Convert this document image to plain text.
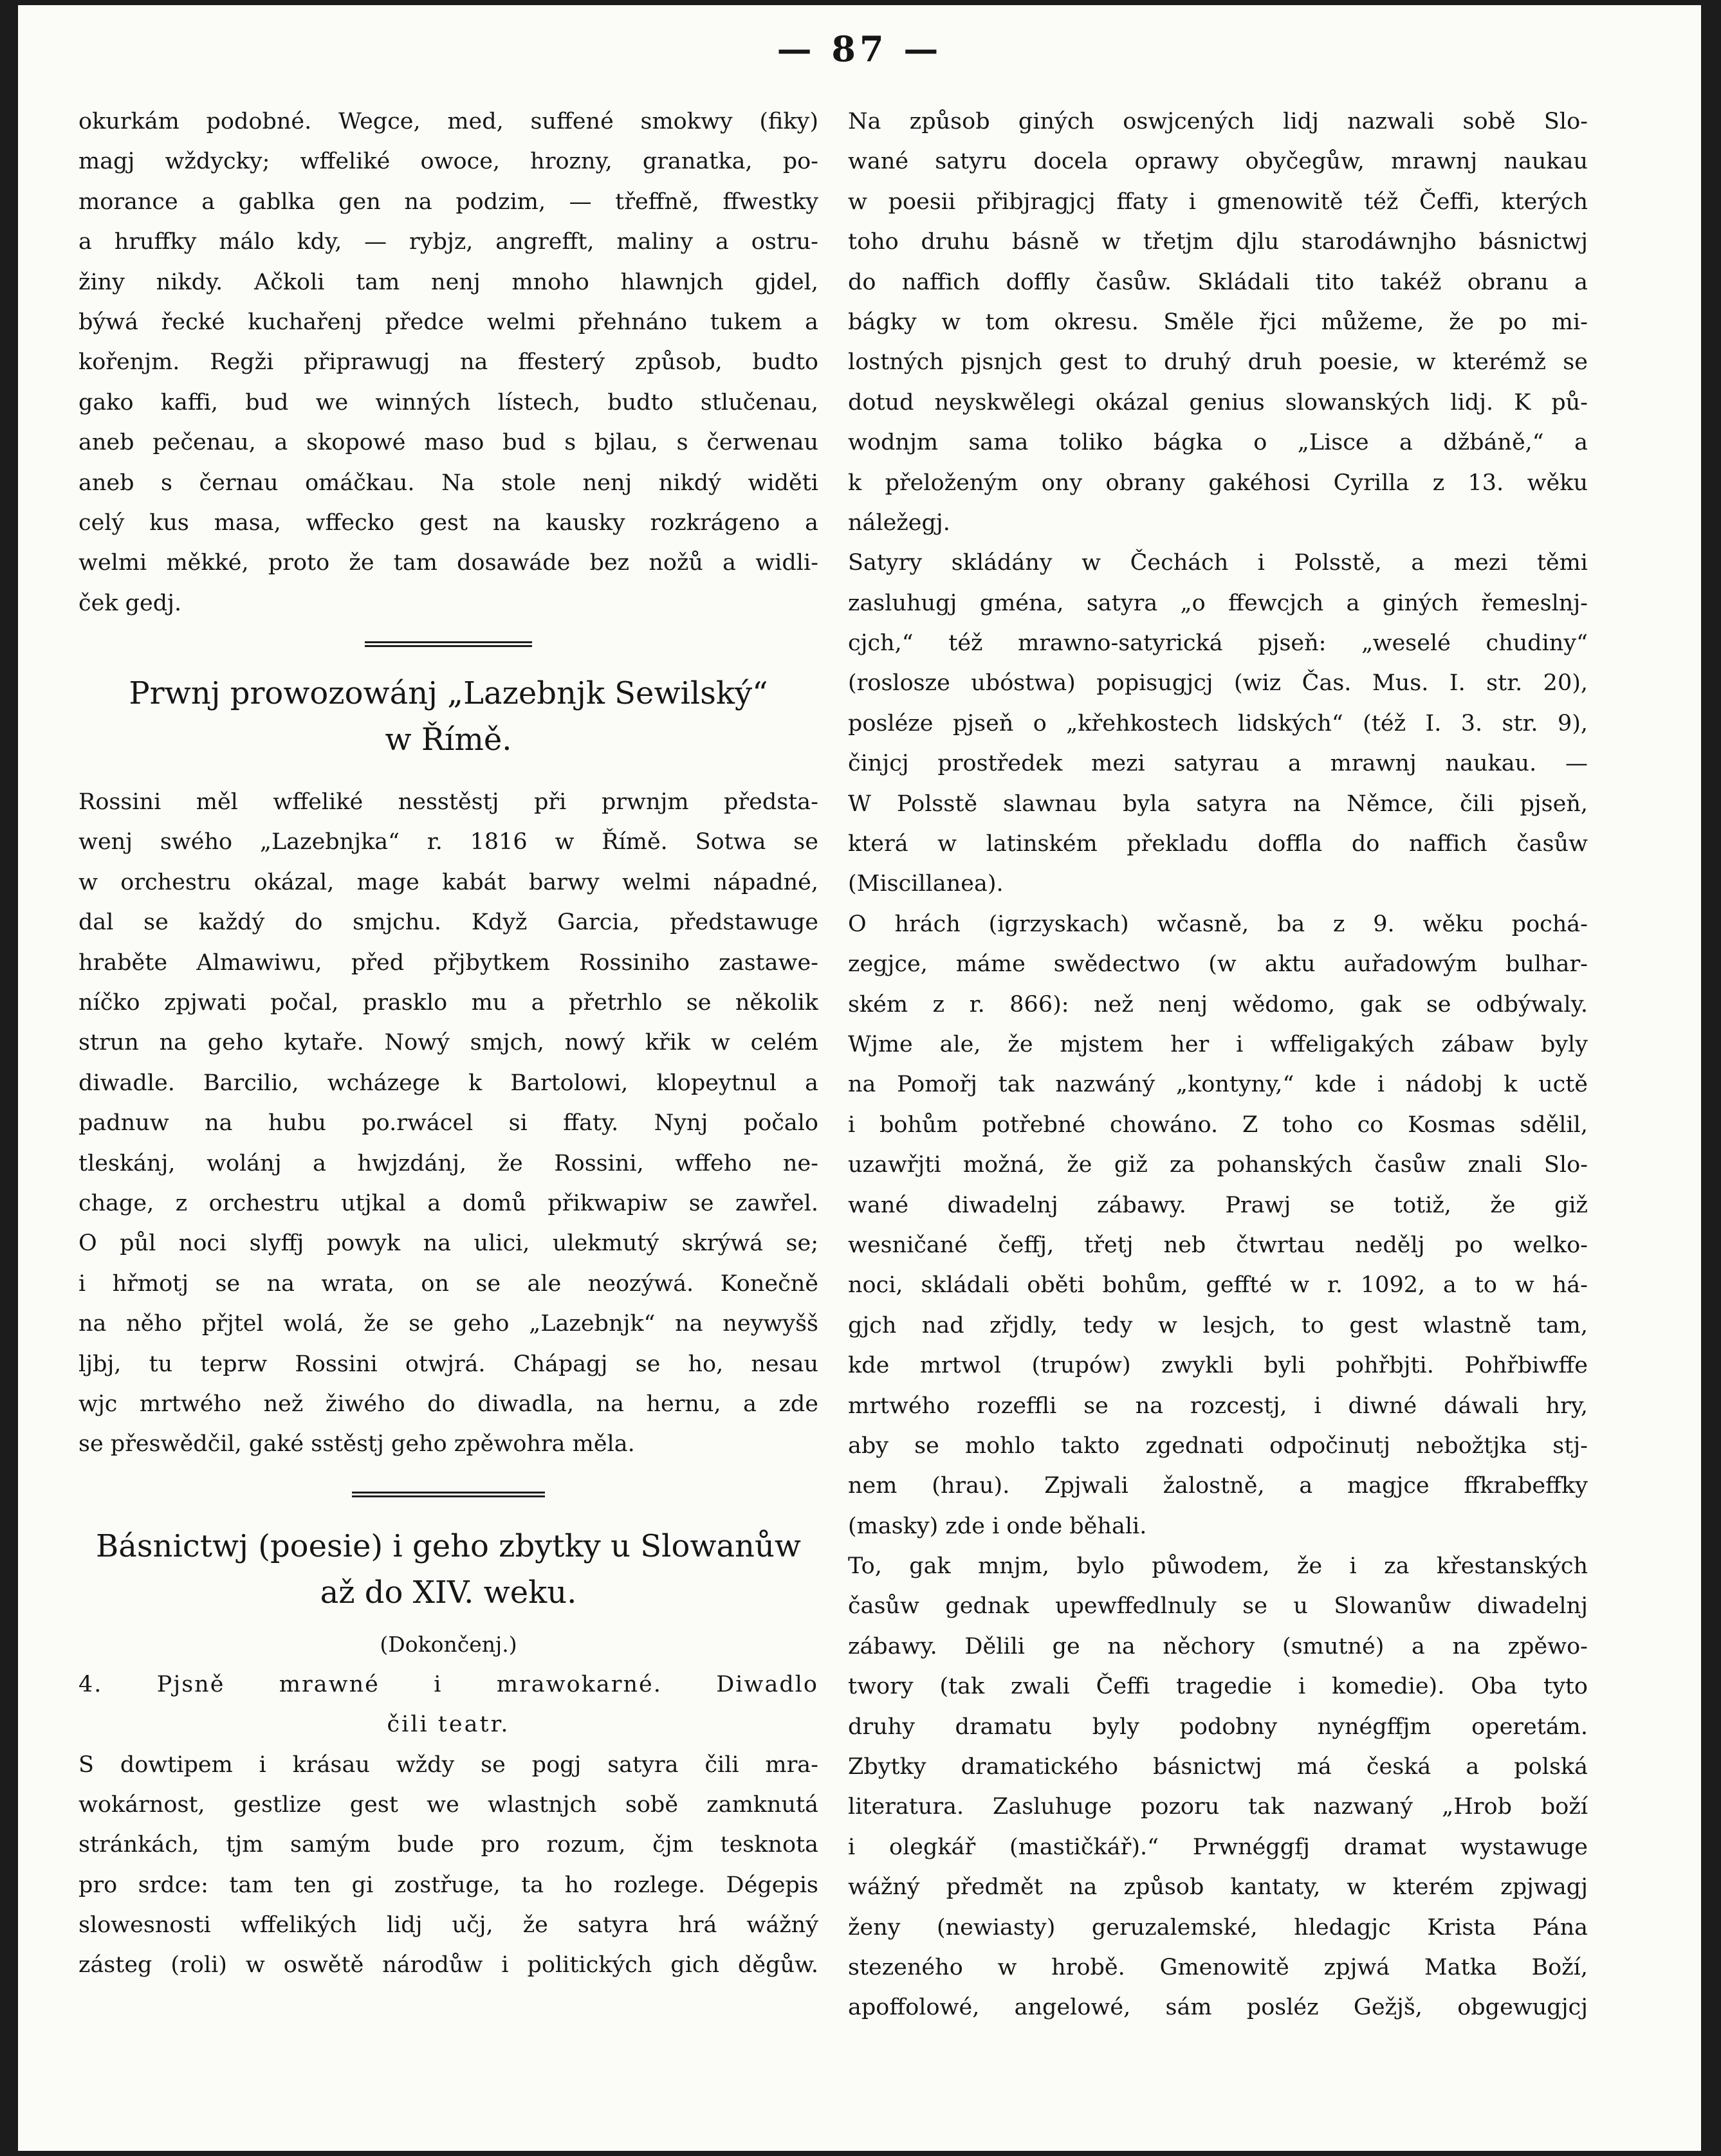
— 87 —
okurkám podobné. Wegce, med, suffené smokwy (fiky)
magj wždycky; wffeliké owoce, hrozny, granatka, po-
morance a gablka gen na podzim, — třeffně, ffwestky
a hruffky málo kdy, — rybjz, angrefft, maliny a ostru-
žiny nikdy. Ačkoli tam nenj mnoho hlawnjch gjdel,
býwá řecké kuchařenj předce welmi přehnáno tukem a
kořenjm. Regži připrawugj na ffesterý způsob, budto
gako kaffi, bud we winných lístech, budto stlučenau,
aneb pečenau, a skopowé maso bud s bjlau, s čerwenau
aneb s černau omáčkau. Na stole nenj nikdý widěti
celý kus masa, wffecko gest na kausky rozkrágeno a
welmi měkké, proto že tam dosawáde bez nožů a widli-
ček gedj.
Prwnj prowozowánj „Lazebnjk Sewilský“
w Římě.
Rossini měl wffeliké nesstěstj při prwnjm předsta-
wenj swého „Lazebnjka“ r. 1816 w Římě. Sotwa se
w orchestru okázal, mage kabát barwy welmi nápadné,
dal se každý do smjchu. Když Garcia, předstawuge
hraběte Almawiwu, před přjbytkem Rossiniho zastawe-
níčko zpjwati počal, prasklo mu a přetrhlo se několik
strun na geho kytaře. Nowý smjch, nowý křik w celém
diwadle. Barcilio, wcházege k Bartolowi, klopeytnul a
padnuw na hubu po.rwácel si ffaty. Nynj počalo
tleskánj, wolánj a hwjzdánj, že Rossini, wffeho ne-
chage, z orchestru utjkal a domů přikwapiw se zawřel.
O půl noci slyffj powyk na ulici, ulekmutý skrýwá se;
i hřmotj se na wrata, on se ale neozýwá. Konečně
na něho přjtel wolá, že se geho „Lazebnjk“ na neywyšš
ljbj, tu teprw Rossini otwjrá. Chápagj se ho, nesau
wjc mrtwého než žiwého do diwadla, na hernu, a zde
se přeswědčil, gaké sstěstj geho zpěwohra měla.
Básnictwj (poesie) i geho zbytky u Slowanůw
až do XIV. weku.
(Dokončenj.)
4. Pjsně mrawné i mrawokarné. Diwadlo
čili teatr.
S dowtipem i krásau wždy se pogj satyra čili mra-
wokárnost, gestlize gest we wlastnjch sobě zamknutá
stránkách, tjm samým bude pro rozum, čjm tesknota
pro srdce: tam ten gi zostřuge, ta ho rozlege. Dégepis
slowesnosti wffelikých lidj učj, že satyra hrá wážný
zásteg (roli) w oswětě národůw i politických gich děgůw.
Na způsob giných oswjcených lidj nazwali sobě Slo-
wané satyru docela oprawy obyčegůw, mrawnj naukau
w poesii přibjragjcj ffaty i gmenowitě též Čeffi, kterých
toho druhu básně w třetjm djlu starodáwnjho básnictwj
do naffich doffly časůw. Skládali tito takéž obranu a
bágky w tom okresu. Směle řjci můžeme, že po mi-
lostných pjsnjch gest to druhý druh poesie, w kterémž se
dotud neyskwělegi okázal genius slowanských lidj. K pů-
wodnjm sama toliko bágka o „Lisce a džbáně,“ a
k přeloženým ony obrany gakéhosi Cyrilla z 13. wěku
náležegj.
Satyry skládány w Čechách i Polsstě, a mezi těmi
zasluhugj gména, satyra „o ffewcjch a giných řemeslnj-
cjch,“ též mrawno-satyrická pjseň: „weselé chudiny“
(roslosze ubóstwa) popisugjcj (wiz Čas. Mus. I. str. 20),
posléze pjseň o „křehkostech lidských“ (též I. 3. str. 9),
činjcj prostředek mezi satyrau a mrawnj naukau. —
W Polsstě slawnau byla satyra na Němce, čili pjseň,
která w latinském překladu doffla do naffich časůw
(Miscillanea).
O hrách (igrzyskach) wčasně, ba z 9. wěku pochá-
zegjce, máme swědectwo (w aktu auřadowým bulhar-
ském z r. 866): než nenj wědomo, gak se odbýwaly.
Wjme ale, že mjstem her i wffeligakých zábaw byly
na Pomořj tak nazwáný „kontyny,“ kde i nádobj k uctě
i bohům potřebné chowáno. Z toho co Kosmas sdělil,
uzawřjti možná, že giž za pohanských časůw znali Slo-
wané diwadelnj zábawy. Prawj se totiž, že giž
wesničané čeffj, třetj neb čtwrtau nedělj po welko-
noci, skládali oběti bohům, geffté w r. 1092, a to w há-
gjch nad zřjdly, tedy w lesjch, to gest wlastně tam,
kde mrtwol (trupów) zwykli byli pohřbjti. Pohřbiwffe
mrtwého rozeffli se na rozcestj, i diwné dáwali hry,
aby se mohlo takto zgednati odpočinutj nebožtjka stj-
nem (hrau). Zpjwali žalostně, a magjce ffkrabeffky
(masky) zde i onde běhali.
To, gak mnjm, bylo půwodem, že i za křestanských
časůw gednak upewffedlnuly se u Slowanůw diwadelnj
zábawy. Dělili ge na něchory (smutné) a na zpěwo-
twory (tak zwali Čeffi tragedie i komedie). Oba tyto
druhy dramatu byly podobny nynégffjm operetám.
Zbytky dramatického básnictwj má česká a polská
literatura. Zasluhuge pozoru tak nazwaný „Hrob boží
i olegkář (mastičkář).“ Prwnéggfj dramat wystawuge
wážný předmět na způsob kantaty, w kterém zpjwagj
ženy (newiasty) geruzalemské, hledagjc Krista Pána
stezeného w hrobě. Gmenowitě zpjwá Matka Boží,
apoffolowé, angelowé, sám posléz Gežjš, obgewugjcj
